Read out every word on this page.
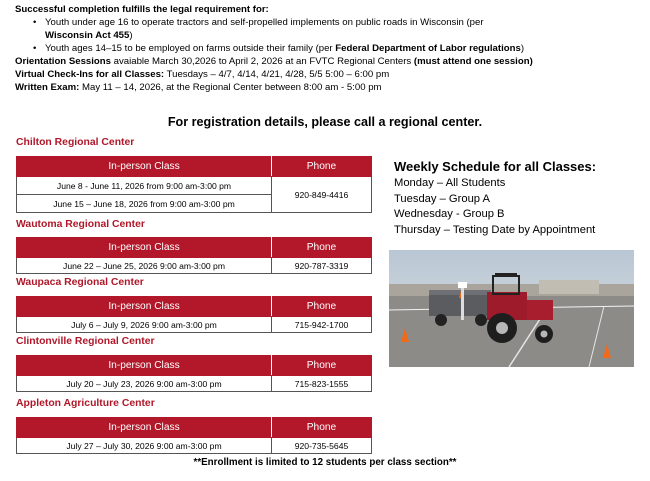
Successful completion fulfills the legal requirement for:
• Youth under age 16 to operate tractors and self-propelled implements on public roads in Wisconsin (per
Wisconsin Act 455)
• Youth ages 14–15 to be employed on farms outside their family (per Federal Department of Labor regulations)
Orientation Sessions avaiable March 30,2026 to April 2, 2026 at an FVTC Regional Centers (must attend one session)
Virtual Check-Ins for all Classes: Tuesdays – 4/7, 4/14, 4/21, 4/28, 5/5 5:00 – 6:00 pm
Written Exam: May 11 – 14, 2026, at the Regional Center between 8:00 am - 5:00 pm
For registration details, please call a regional center.
Chilton Regional Center
In-person Class	Phone
June 8 - June 11, 2026 from 9:00 am-3:00 pm	920-849-4416
June 15 – June 18, 2026 from 9:00 am-3:00 pm	
Wautoma Regional Center
In-person Class	Phone
June 22 – June 25, 2026 9:00 am-3:00 pm	920-787-3319
Waupaca Regional Center
In-person Class	Phone
July 6 – July 9, 2026 9:00 am-3:00 pm	715-942-1700
Clintonville Regional Center
In-person Class	Phone
July 20 – July 23, 2026 9:00 am-3:00 pm	715-823-1555
Appleton Agriculture Center
In-person Class	Phone
July 27 – July 30, 2026 9:00 am-3:00 pm	920-735-5645
Weekly Schedule for all Classes:
Monday – All Students
Tuesday – Group A
Wednesday - Group B
Thursday – Testing Date by Appointment
**Enrollment is limited to 12 students per class section**
